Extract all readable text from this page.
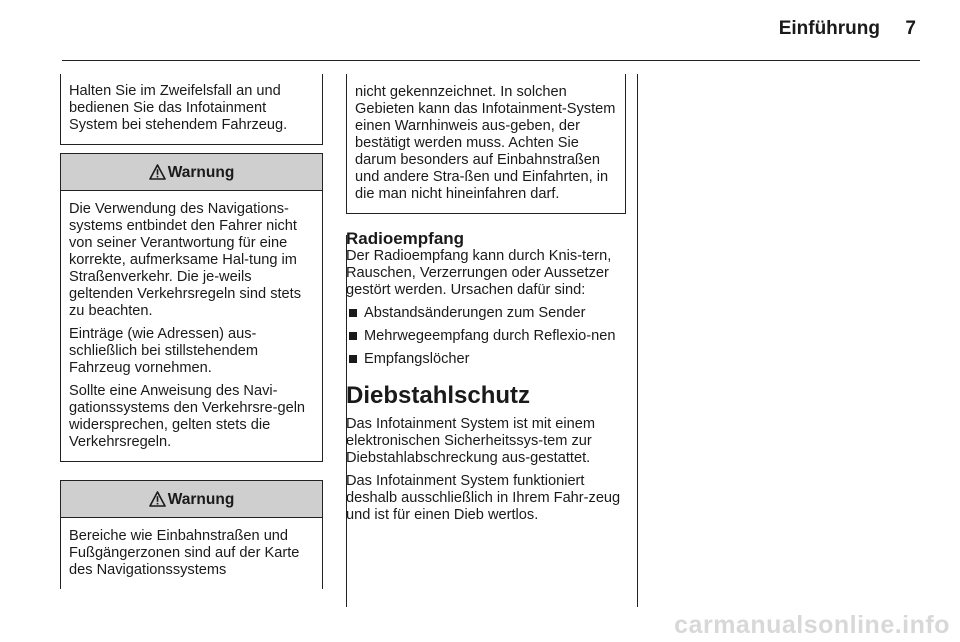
Einführung 7

Halten Sie im Zweifelsfall an und bedienen Sie das Infotainment System bei stehendem Fahrzeug.

Warnung

Die Verwendung des Navigations-systems entbindet den Fahrer nicht von seiner Verantwortung für eine korrekte, aufmerksame Hal-tung im Straßenverkehr. Die je-weils geltenden Verkehrsregeln sind stets zu beachten.

Einträge (wie Adressen) aus-schließlich bei stillstehendem Fahrzeug vornehmen.

Sollte eine Anweisung des Navi-gationssystems den Verkehrsre-geln widersprechen, gelten stets die Verkehrsregeln.

Warnung

Bereiche wie Einbahnstraßen und Fußgängerzonen sind auf der Karte des Navigationssystems

nicht gekennzeichnet. In solchen Gebieten kann das Infotainment-System einen Warnhinweis aus-geben, der bestätigt werden muss. Achten Sie darum besonders auf Einbahnstraßen und andere Stra-ßen und Einfahrten, in die man nicht hineinfahren darf.

Radioempfang

Der Radioempfang kann durch Knis-tern, Rauschen, Verzerrungen oder Aussetzer gestört werden. Ursachen dafür sind:

Abstandsänderungen zum Sender
Mehrwegeempfang durch Reflexio-nen
Empfangslöcher
Diebstahlschutz

Das Infotainment System ist mit einem elektronischen Sicherheitssys-tem zur Diebstahlabschreckung aus-gestattet.

Das Infotainment System funktioniert deshalb ausschließlich in Ihrem Fahr-zeug und ist für einen Dieb wertlos.

carmanualsonline.info
